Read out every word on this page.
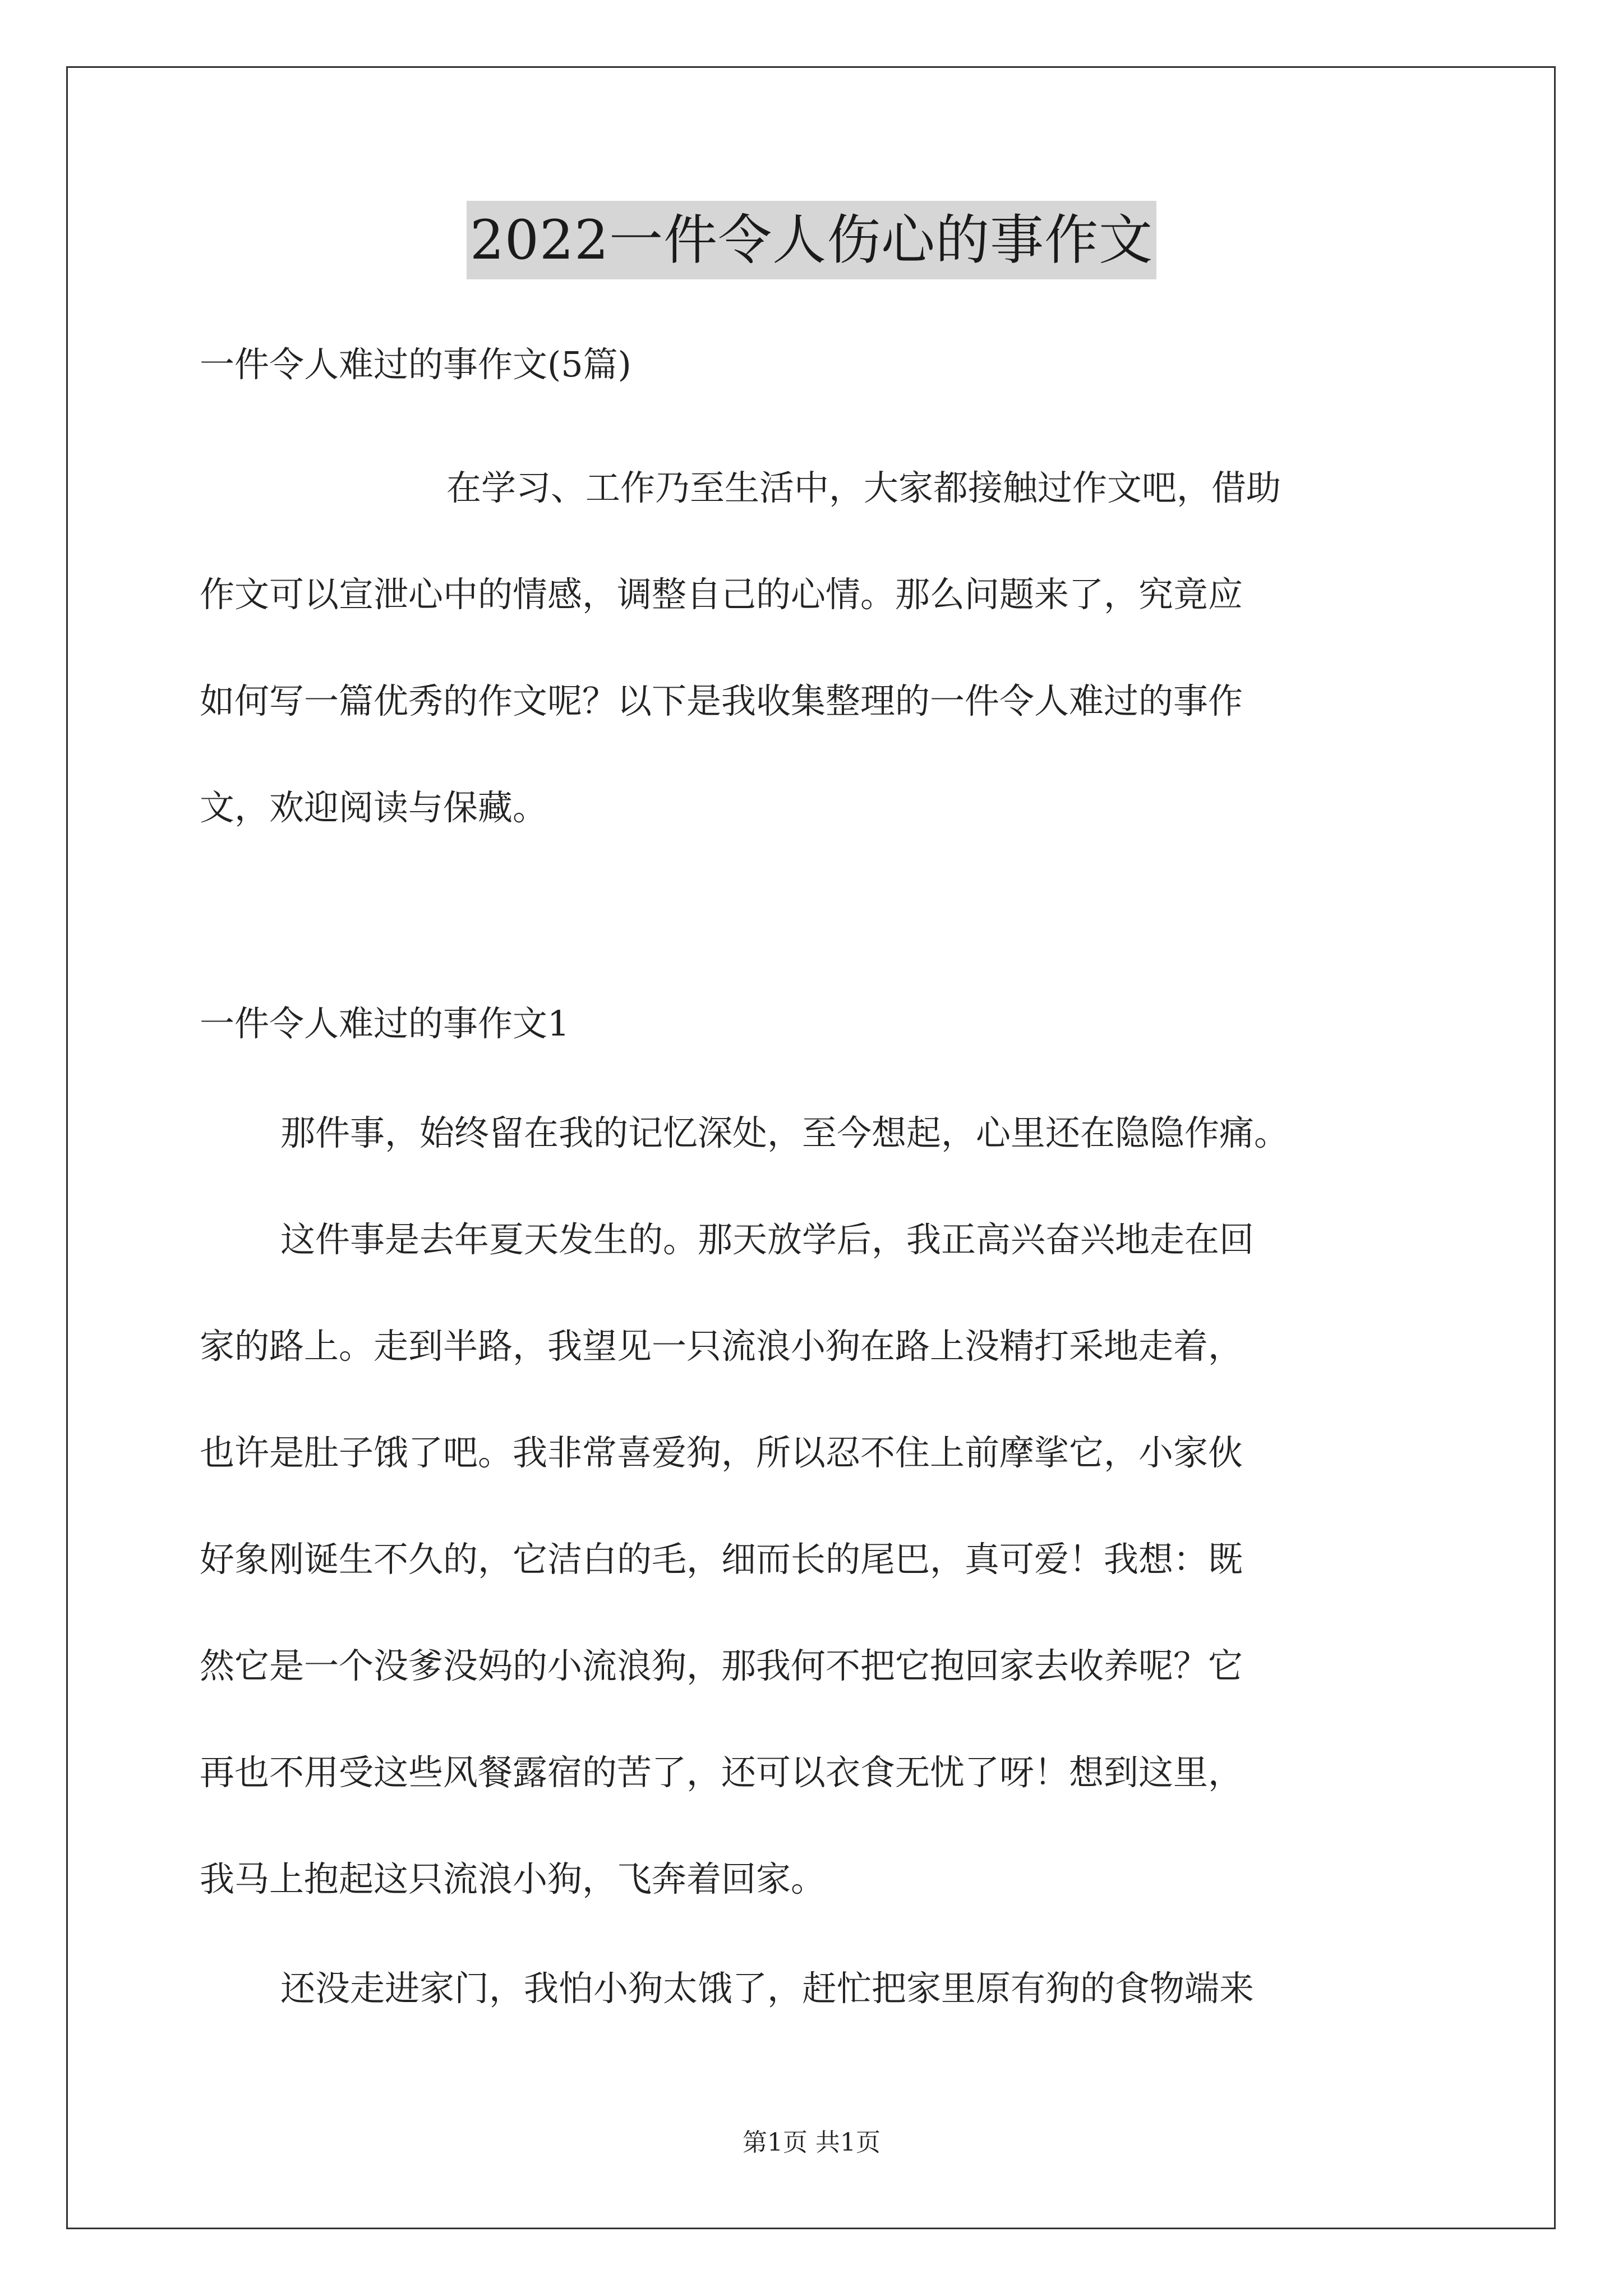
2022一件令人伤心的事作文
一件令人难过的事作文(5篇)
在学习、工作乃至生活中，大家都接触过作文吧，借助
作文可以宣泄心中的情感，调整自己的心情。那么问题来了，究竟应
如何写一篇优秀的作文呢？以下是我收集整理的一件令人难过的事作
文，欢迎阅读与保藏。
一件令人难过的事作文1
那件事，始终留在我的记忆深处，至今想起，心里还在隐隐作痛。
这件事是去年夏天发生的。那天放学后，我正高兴奋兴地走在回
家的路上。走到半路，我望见一只流浪小狗在路上没精打采地走着，
也许是肚子饿了吧。我非常喜爱狗，所以忍不住上前摩挲它，小家伙
好象刚诞生不久的，它洁白的毛，细而长的尾巴，真可爱！我想：既
然它是一个没爹没妈的小流浪狗，那我何不把它抱回家去收养呢？它
再也不用受这些风餐露宿的苦了，还可以衣食无忧了呀！想到这里，
我马上抱起这只流浪小狗，飞奔着回家。
还没走进家门，我怕小狗太饿了，赶忙把家里原有狗的食物端来
第1页 共1页
